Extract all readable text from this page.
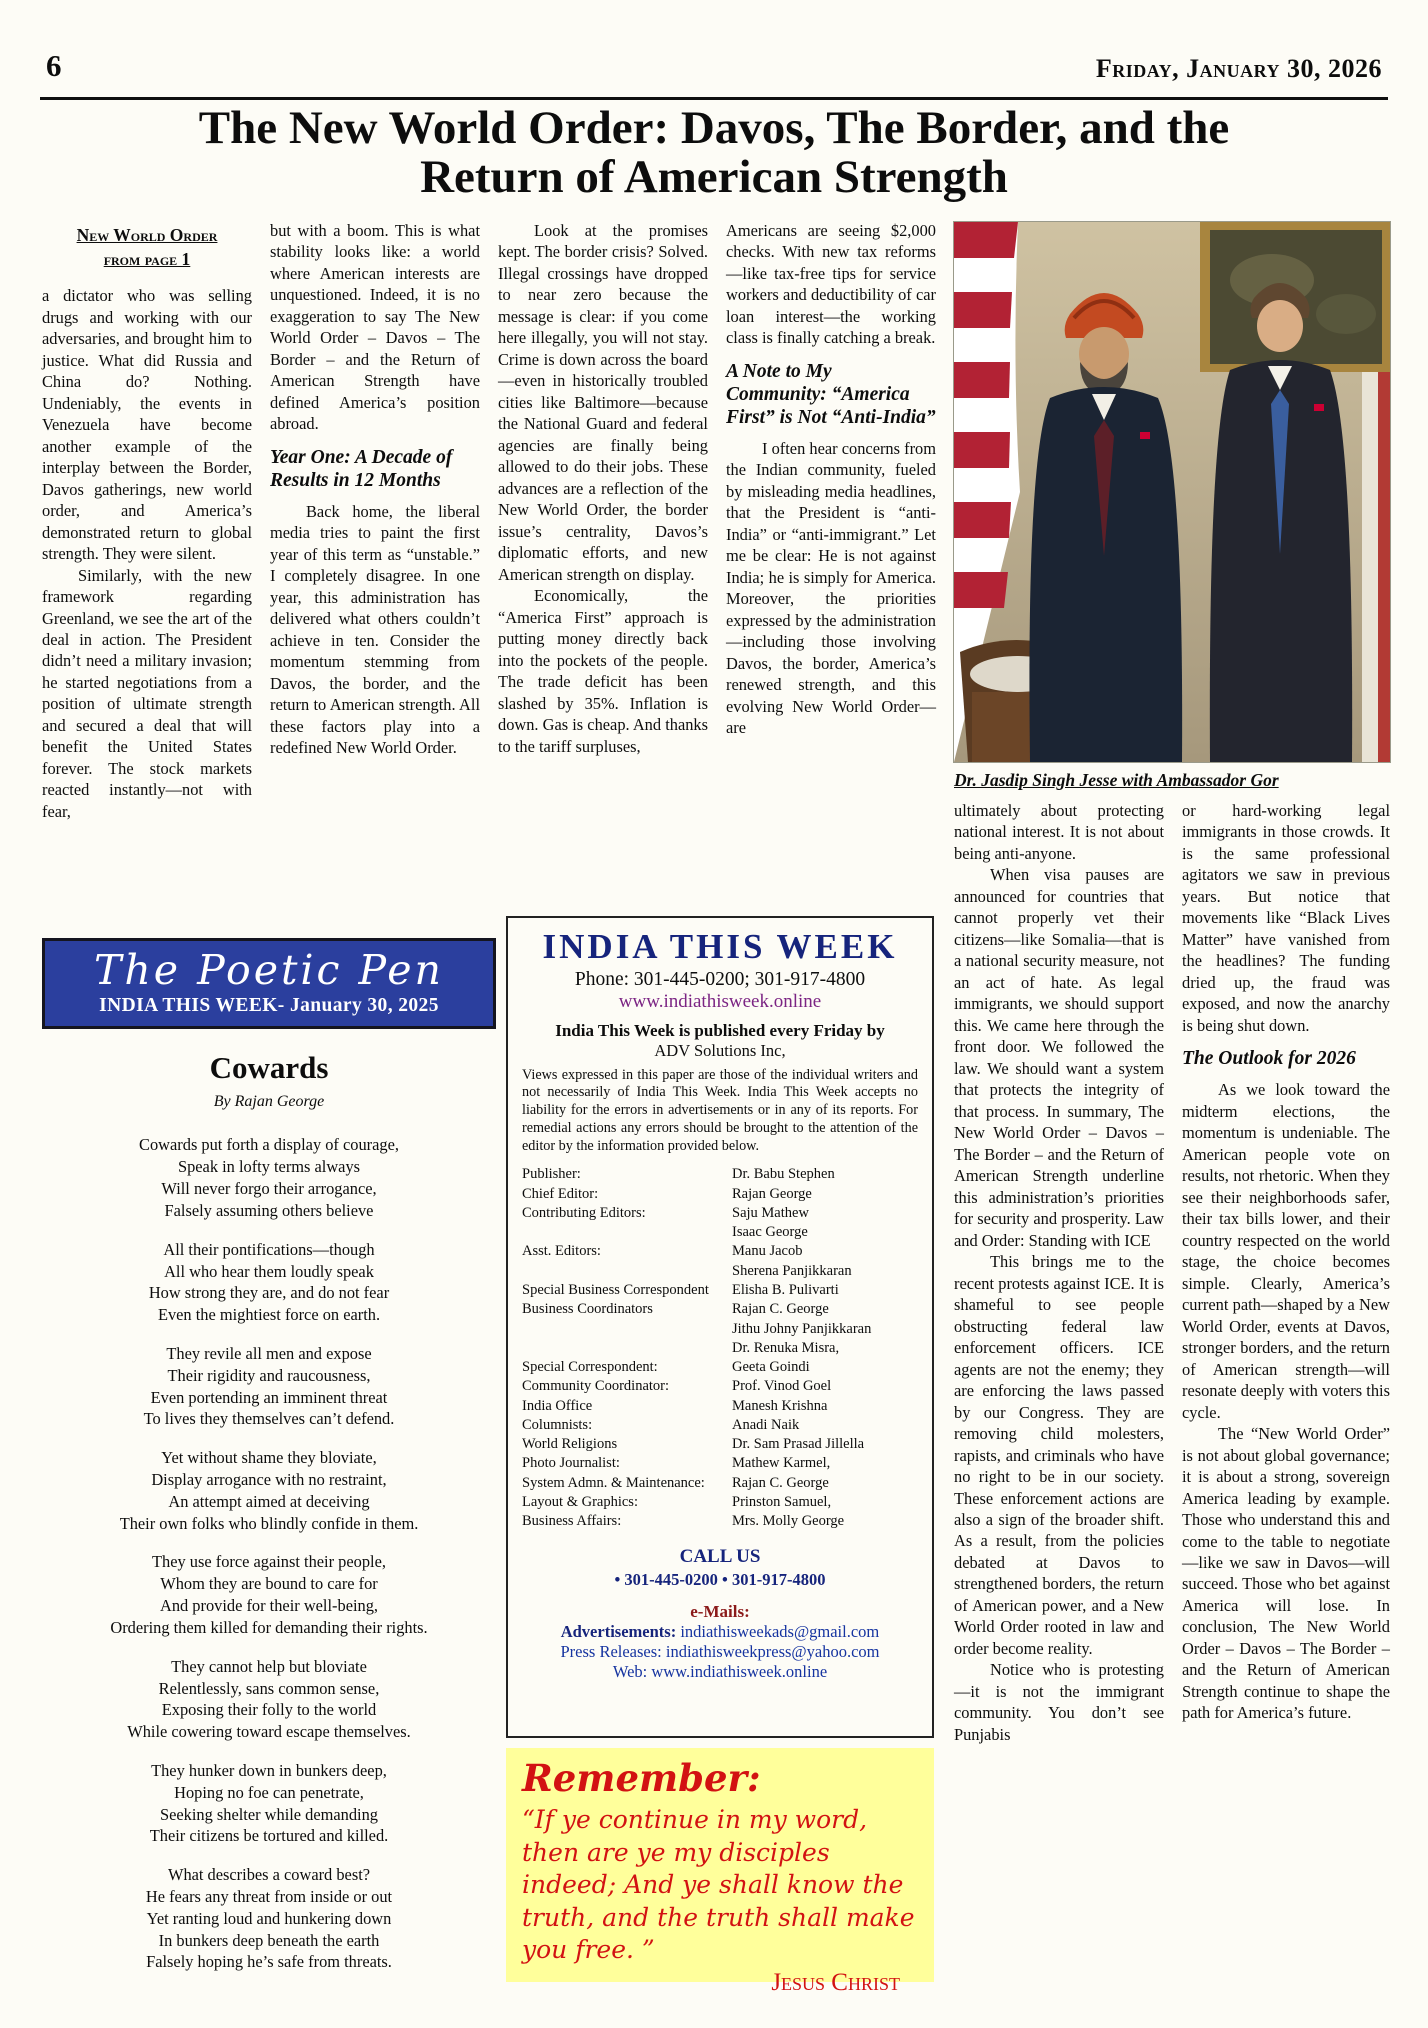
6	Friday, January 30, 2026
The New World Order: Davos, The Border, and the Return of American Strength
New World Order
from page 1

a dictator who was selling drugs and working with our adversaries, and brought him to justice. What did Russia and China do? Nothing. Undeniably, the events in Venezuela have become another example of the interplay between the Border, Davos gatherings, new world order, and America’s demonstrated return to global strength. They were silent.

Similarly, with the new framework regarding Greenland, we see the art of the deal in action. The President didn’t need a military invasion; he started negotiations from a position of ultimate strength and secured a deal that will benefit the United States forever. The stock markets reacted instantly—not with fear,

but with a boom. This is what stability looks like: a world where American interests are unquestioned. Indeed, it is no exaggeration to say The New World Order – Davos – The Border – and the Return of American Strength have defined America’s position abroad.

Year One: A Decade of Results in 12 Months

Back home, the liberal media tries to paint the first year of this term as “unstable.” I completely disagree. In one year, this administration has delivered what others couldn’t achieve in ten. Consider the momentum stemming from Davos, the border, and the return to American strength. All these factors play into a redefined New World Order.

Look at the promises kept. The border crisis? Solved. Illegal crossings have dropped to near zero because the message is clear: if you come here illegally, you will not stay. Crime is down across the board—even in historically troubled cities like Baltimore—because the National Guard and federal agencies are finally being allowed to do their jobs. These advances are a reflection of the New World Order, the border issue’s centrality, Davos’s diplomatic efforts, and new American strength on display.

Economically, the “America First” approach is putting money directly back into the pockets of the people. The trade deficit has been slashed by 35%. Inflation is down. Gas is cheap. And thanks to the tariff surpluses,

Americans are seeing $2,000 checks. With new tax reforms—like tax-free tips for service workers and deductibility of car loan interest—the working class is finally catching a break.

A Note to My Community: “America First” is Not “Anti-India”

I often hear concerns from the Indian community, fueled by misleading media headlines, that the President is “anti-India” or “anti-immigrant.” Let me be clear: He is not against India; he is simply for America. Moreover, the priorities expressed by the administration—including those involving Davos, the border, America’s renewed strength, and this evolving New World Order—are

Dr. Jasdip Singh Jesse with Ambassador Gor

ultimately about protecting national interest. It is not about being anti-anyone.

When visa pauses are announced for countries that cannot properly vet their citizens—like Somalia—that is a national security measure, not an act of hate. As legal immigrants, we should support this. We came here through the front door. We followed the law. We should want a system that protects the integrity of that process. In summary, The New World Order – Davos – The Border – and the Return of American Strength underline this administration’s priorities for security and prosperity. Law and Order: Standing with ICE

This brings me to the recent protests against ICE. It is shameful to see people obstructing federal law enforcement officers. ICE agents are not the enemy; they are enforcing the laws passed by our Congress. They are removing child molesters, rapists, and criminals who have no right to be in our society. These enforcement actions are also a sign of the broader shift. As a result, from the policies debated at Davos to strengthened borders, the return of American power, and a New World Order rooted in law and order become reality.

Notice who is protesting—it is not the immigrant community. You don’t see Punjabis

or hard-working legal immigrants in those crowds. It is the same professional agitators we saw in previous years. But notice that movements like “Black Lives Matter” have vanished from the headlines? The funding dried up, the fraud was exposed, and now the anarchy is being shut down.

The Outlook for 2026

As we look toward the midterm elections, the momentum is undeniable. The American people vote on results, not rhetoric. When they see their neighborhoods safer, their tax bills lower, and their country respected on the world stage, the choice becomes simple. Clearly, America’s current path—shaped by a New World Order, events at Davos, stronger borders, and the return of American strength—will resonate deeply with voters this cycle.

The “New World Order” is not about global governance; it is about a strong, sovereign America leading by example. Those who understand this and come to the table to negotiate—like we saw in Davos—will succeed. Those who bet against America will lose. In conclusion, The New World Order – Davos – The Border – and the Return of American Strength continue to shape the path for America’s future.

The Poetic Pen
INDIA THIS WEEK- January 30, 2025
Cowards
By Rajan George
Cowards put forth a display of courage,
Speak in lofty terms always
Will never forgo their arrogance,
Falsely assuming others believe
All their pontifications—though
All who hear them loudly speak
How strong they are, and do not fear
Even the mightiest force on earth.
They revile all men and expose
Their rigidity and raucousness,
Even portending an imminent threat
To lives they themselves can’t defend.
Yet without shame they bloviate,
Display arrogance with no restraint,
An attempt aimed at deceiving
Their own folks who blindly confide in them.
They use force against their people,
Whom they are bound to care for
And provide for their well-being,
Ordering them killed for demanding their rights.
They cannot help but bloviate
Relentlessly, sans common sense,
Exposing their folly to the world
While cowering toward escape themselves.
They hunker down in bunkers deep,
Hoping no foe can penetrate,
Seeking shelter while demanding
Their citizens be tortured and killed.
What describes a coward best?
He fears any threat from inside or out
Yet ranting loud and hunkering down
In bunkers deep beneath the earth
Falsely hoping he’s safe from threats.
INDIA THIS WEEK
Phone: 301-445-0200; 301-917-4800
www.indiathisweek.online
India This Week is published every Friday by
ADV Solutions Inc,
Views expressed in this paper are those of the individual writers and not necessarily of India This Week. India This Week accepts no liability for the errors in advertisements or in any of its reports. For remedial actions any errors should be brought to the attention of the editor by the information provided below.
Publisher:	Dr. Babu Stephen
Chief Editor:	Rajan George
Contributing Editors:	Saju Mathew
Isaac George
Asst. Editors:	Manu Jacob
Sherena Panjikkaran
Special Business Correspondent	Elisha B. Pulivarti
Business Coordinators	Rajan C. George
Jithu Johny Panjikkaran
Dr. Renuka Misra,
Special Correspondent:	Geeta Goindi
Community Coordinator:	Prof. Vinod Goel
India Office	Manesh Krishna
Columnists:	Anadi Naik
World Religions	Dr. Sam Prasad Jillella
Photo Journalist:	Mathew Karmel,
System Admn. & Maintenance:	Rajan C. George
Layout & Graphics:	Prinston Samuel,
Business Affairs:	Mrs. Molly George
CALL US
• 301-445-0200 • 301-917-4800
e-Mails:
Advertisements: indiathisweekads@gmail.com
Press Releases: indiathisweekpress@yahoo.com
Web: www.indiathisweek.online
Remember:
“If ye continue in my word, then are ye my disciples indeed; And ye shall know the truth, and the truth shall make you free. ”
Jesus Christ
